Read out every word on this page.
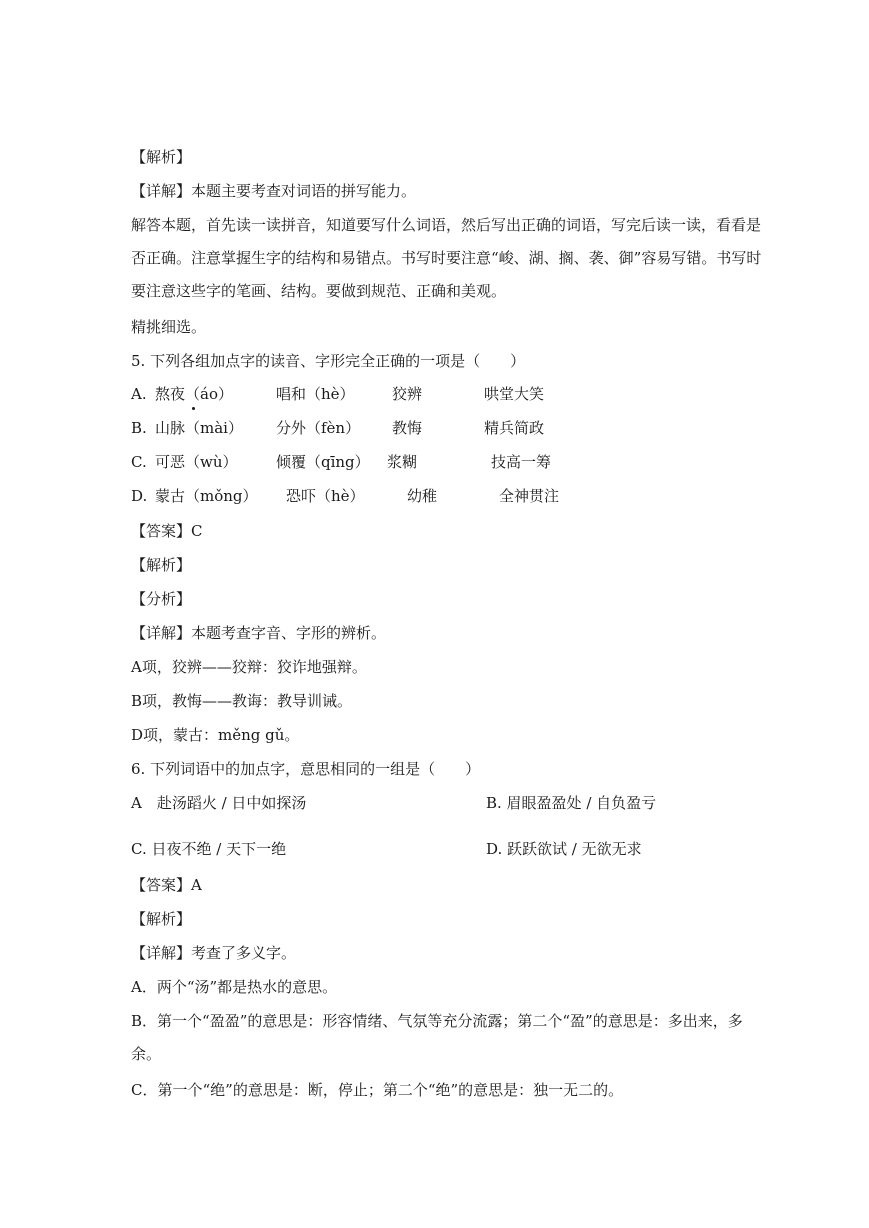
【解析】
【详解】本题主要考查对词语的拼写能力。
解答本题，首先读一读拼音，知道要写什么词语，然后写出正确的词语，写完后读一读，看看是否正确。注意掌握生字的结构和易错点。书写时要注意“峻、湖、搁、袭、御”容易写错。书写时要注意这些字的笔画、结构。要做到规范、正确和美观。
精挑细选。
5. 下列各组加点字的读音、字形完全正确的一项是（　　）
A. 熬夜（áo）	唱和（hè） 狡辨	哄堂大笑
B. 山脉（mài） 分外（fèn） 教悔	精兵简政
C. 可恶（wù）	倾覆（qīng） 浆糊	技高一筹
D. 蒙古（mǒng） 恐吓（hè）	幼稚	全神贯注
【答案】C
【解析】
【分析】
【详解】本题考查字音、字形的辨析。
A项，狡辨——狡辩：狡诈地强辩。
B项，教悔——教诲：教导训诫。
D项，蒙古：měng gǔ。
6. 下列词语中的加点字，意思相同的一组是（　　）
A　赴汤蹈火 / 日中如探汤	B. 眉眼盈盈处 / 自负盈亏
C. 日夜不绝 / 天下一绝	D. 跃跃欲试 / 无欲无求
【答案】A
【解析】
【详解】考查了多义字。
A．两个“汤”都是热水的意思。
B．第一个“盈盈”的意思是：形容情绪、气氛等充分流露；第二个“盈”的意思是：多出来，多余。
C．第一个“绝”的意思是：断，停止；第二个“绝”的意思是：独一无二的。
